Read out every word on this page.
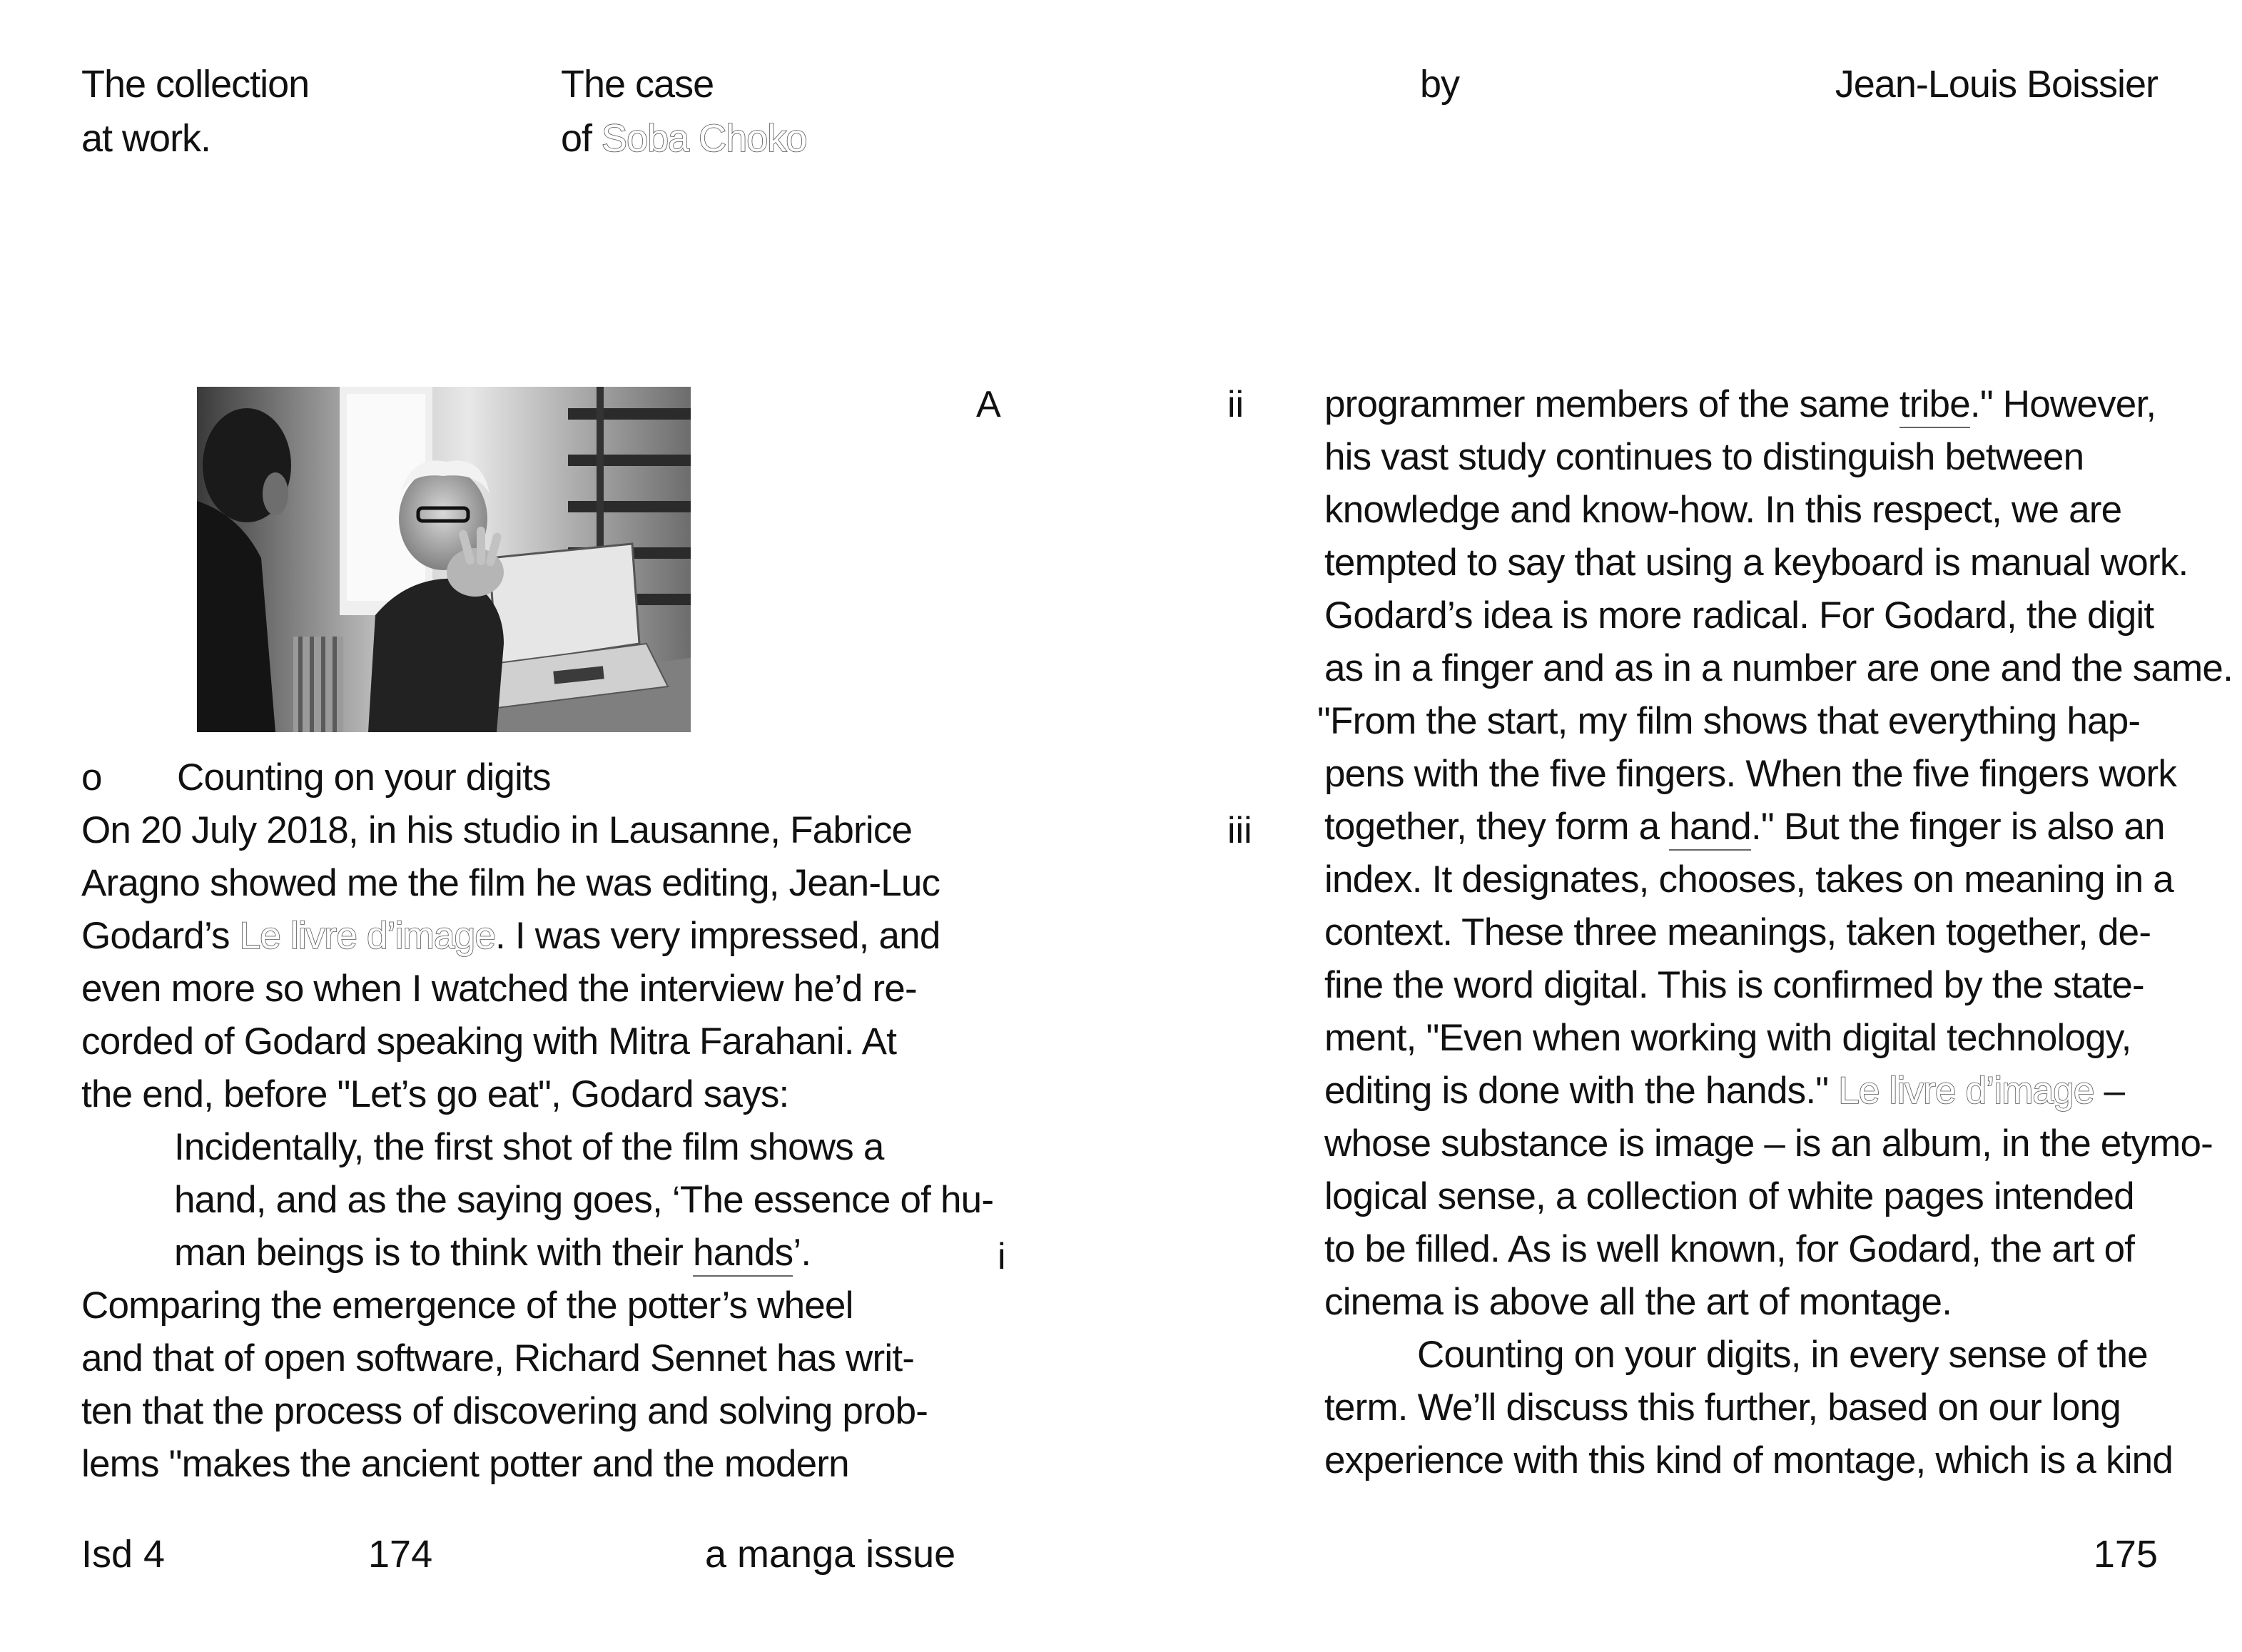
The collection
at work.
The case
of Soba Choko
by	Jean-Louis Boissier
o Counting on your digits
On 20 July 2018, in his studio in Lausanne, Fabrice
Aragno showed me the film he was editing, Jean-Luc
Godard’s Le livre d’image. I was very impressed, and
even more so when I watched the interview he’d re-
corded of Godard speaking with Mitra Farahani. At
the end, before "Let’s go eat", Godard says:
Incidentally, the first shot of the film shows a
hand, and as the saying goes, ‘The essence of hu-
man beings is to think with their hands’.
Comparing the emergence of the potter’s wheel
and that of open software, Richard Sennet has writ-
ten that the process of discovering and solving prob-
lems "makes the ancient potter and the modern
A
i
ii
iii
programmer members of the same tribe." However,
his vast study continues to distinguish between
knowledge and know-how. In this respect, we are
tempted to say that using a keyboard is manual work.
Godard’s idea is more radical. For Godard, the digit
as in a finger and as in a number are one and the same.
"From the start, my film shows that everything hap-
pens with the five fingers. When the five fingers work
together, they form a hand." But the finger is also an
index. It designates, chooses, takes on meaning in a
context. These three meanings, taken together, de-
fine the word digital. This is confirmed by the state-
ment, "Even when working with digital technology,
editing is done with the hands." Le livre d’image –
whose substance is image – is an album, in the etymo-
logical sense, a collection of white pages intended
to be filled. As is well known, for Godard, the art of
cinema is above all the art of montage.
Counting on your digits, in every sense of the
term. We’ll discuss this further, based on our long
experience with this kind of montage, which is a kind
Isd 4	174	a manga issue	175
